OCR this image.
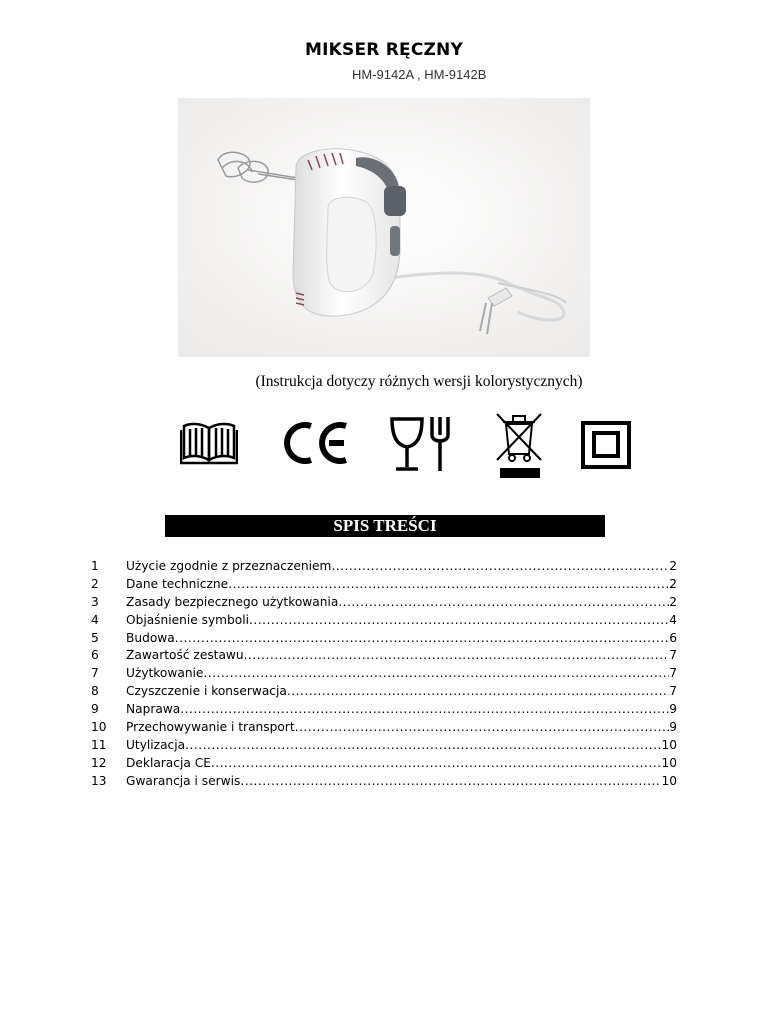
MIKSER RĘCZNY
HM-9142A , HM-9142B
(Instrukcja dotyczy różnych wersji kolorystycznych)
SPIS TREŚCI
1	Użycie zgodnie z przeznaczeniem .....	2
2	Dane techniczne .....	2
3	Zasady bezpiecznego użytkowania .....	2
4	Objaśnienie symboli .....	4
5	Budowa .....	6
6	Zawartość zestawu .....	7
7	Użytkowanie .....	7
8	Czyszczenie i konserwacja .....	7
9	Naprawa .....	9
10	Przechowywanie i transport .....	9
11	Utylizacja .....	10
12	Deklaracja CE .....	10
13	Gwarancja i serwis .....	10
